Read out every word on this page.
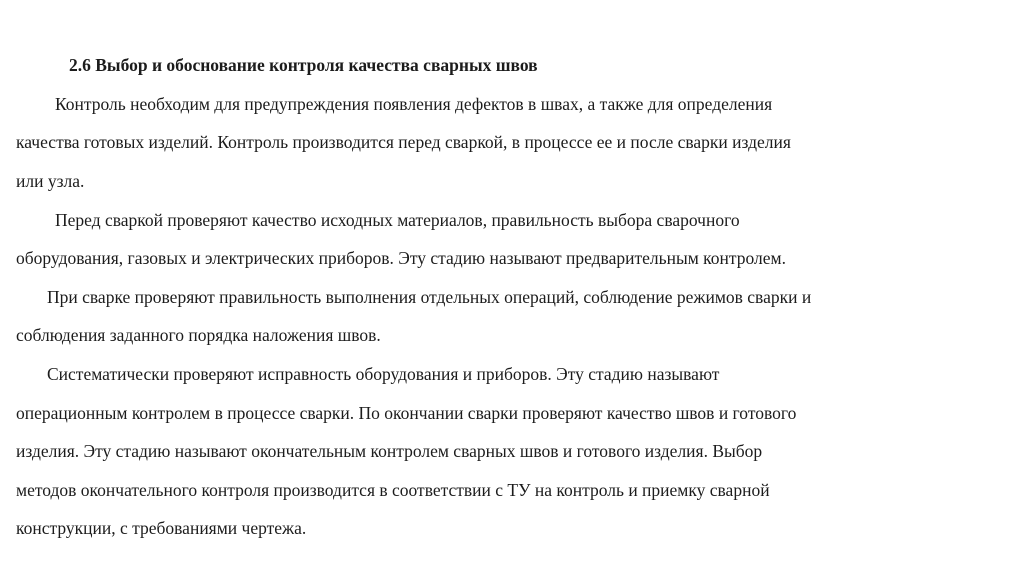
2.6 Выбор и обоснование контроля качества сварных швов
Контроль необходим для предупреждения появления дефектов в швах, а также для определения
качества готовых изделий. Контроль производится перед сваркой, в процессе ее и после сварки изделия
или узла.
Перед сваркой проверяют качество исходных материалов, правильность выбора сварочного
оборудования, газовых и электрических приборов. Эту стадию называют предварительным контролем.
При сварке проверяют правильность выполнения отдельных операций, соблюдение режимов сварки и
соблюдения заданного порядка наложения швов.
Систематически проверяют исправность оборудования и приборов. Эту стадию называют
операционным контролем в процессе сварки. По окончании сварки проверяют качество швов и готового
изделия. Эту стадию называют окончательным контролем сварных швов и готового изделия. Выбор
методов окончательного контроля производится в соответствии с ТУ на контроль и приемку сварной
конструкции, с требованиями чертежа.
